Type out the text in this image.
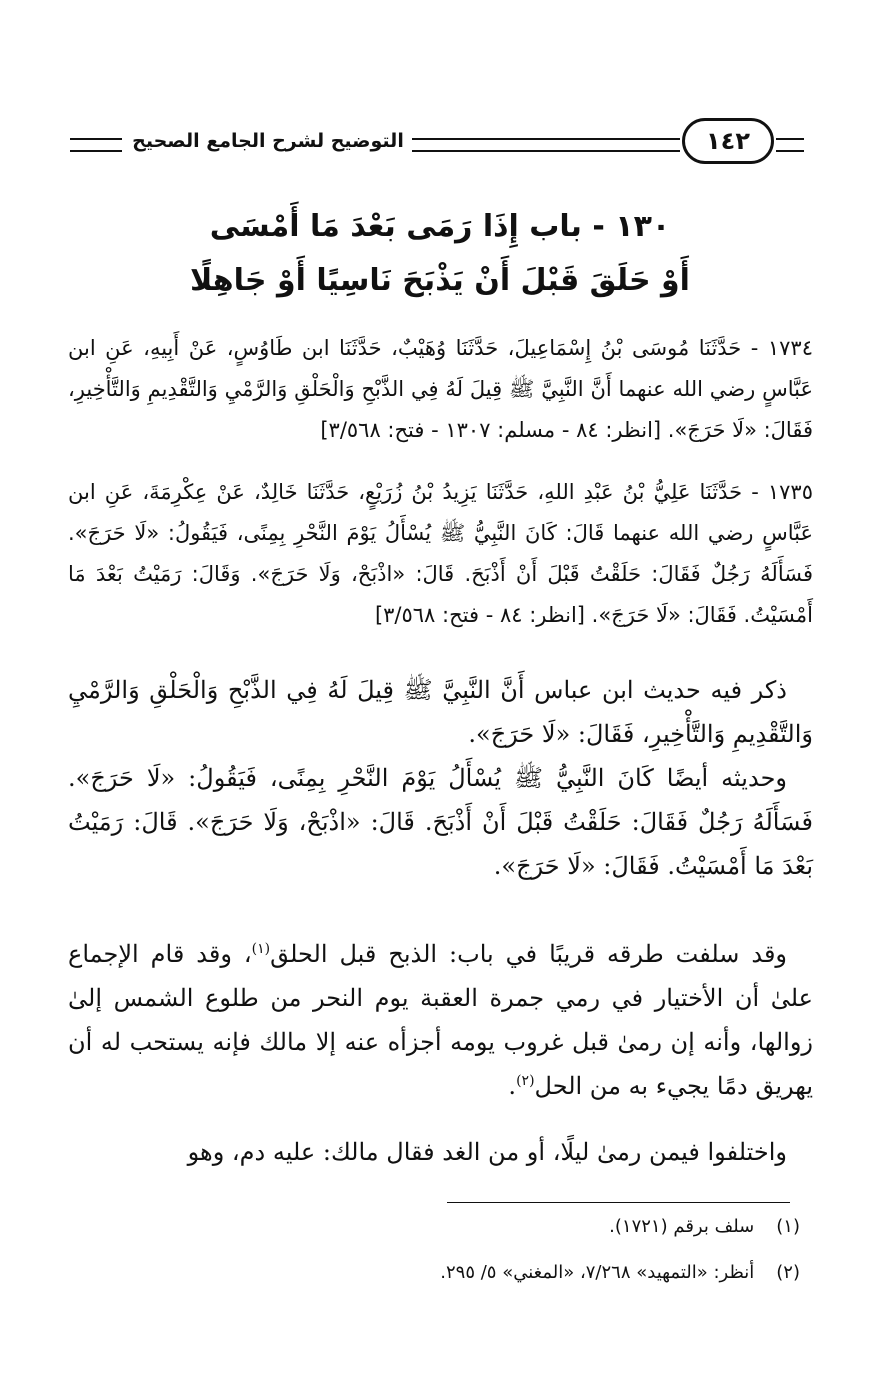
التوضيح لشرح الجامع الصحيح	١٤٢
١٣٠ - باب إِذَا رَمَى بَعْدَ مَا أَمْسَى
أَوْ حَلَقَ قَبْلَ أَنْ يَذْبَحَ نَاسِيًا أَوْ جَاهِلًا
١٧٣٤ - حَدَّثَنَا مُوسَى بْنُ إِسْمَاعِيلَ، حَدَّثَنَا وُهَيْبٌ، حَدَّثَنَا ابن طَاوُسٍ، عَنْ أَبِيهِ، عَنِ ابن عَبَّاسٍ رضي الله عنهما أَنَّ النَّبِيَّ ﷺ قِيلَ لَهُ فِي الذَّبْحِ وَالْحَلْقِ وَالرَّمْيِ وَالتَّقْدِيمِ وَالتَّأْخِيرِ، فَقَالَ: «لَا حَرَجَ». [انظر: ٨٤ - مسلم: ١٣٠٧ - فتح: ٣/٥٦٨]
١٧٣٥ - حَدَّثَنَا عَلِيُّ بْنُ عَبْدِ اللهِ، حَدَّثَنَا يَزِيدُ بْنُ زُرَيْعٍ، حَدَّثَنَا خَالِدٌ، عَنْ عِكْرِمَةَ، عَنِ ابن عَبَّاسٍ رضي الله عنهما قَالَ: كَانَ النَّبِيُّ ﷺ يُسْأَلُ يَوْمَ النَّحْرِ بِمِنًى، فَيَقُولُ: «لَا حَرَجَ». فَسَأَلَهُ رَجُلٌ فَقَالَ: حَلَقْتُ قَبْلَ أَنْ أَذْبَحَ. قَالَ: «اذْبَحْ، وَلَا حَرَجَ». وَقَالَ: رَمَيْتُ بَعْدَ مَا أَمْسَيْتُ. فَقَالَ: «لَا حَرَجَ». [انظر: ٨٤ - فتح: ٣/٥٦٨]
ذكر فيه حديث ابن عباس أَنَّ النَّبِيَّ ﷺ قِيلَ لَهُ فِي الذَّبْحِ وَالْحَلْقِ وَالرَّمْيِ وَالتَّقْدِيمِ وَالتَّأْخِيرِ، فَقَالَ: «لَا حَرَجَ».
وحديثه أيضًا كَانَ النَّبِيُّ ﷺ يُسْأَلُ يَوْمَ النَّحْرِ بِمِنًى، فَيَقُولُ: «لَا حَرَجَ». فَسَأَلَهُ رَجُلٌ فَقَالَ: حَلَقْتُ قَبْلَ أَنْ أَذْبَحَ. قَالَ: «اذْبَحْ، وَلَا حَرَجَ». قَالَ: رَمَيْتُ بَعْدَ مَا أَمْسَيْتُ. فَقَالَ: «لَا حَرَجَ».
وقد سلفت طرقه قريبًا في باب: الذبح قبل الحلق$^{(١)}$، وقد قام الإجماع علىٰ أن الأختيار في رمي جمرة العقبة يوم النحر من طلوع الشمس إلىٰ زوالها، وأنه إن رمىٰ قبل غروب يومه أجزأه عنه إلا مالك فإنه يستحب له أن يهريق دمًا يجيء به من الحل$^{(٢)}$.
واختلفوا فيمن رمىٰ ليلًا، أو من الغد فقال مالك: عليه دم، وهو
(١) سلف برقم (١٧٢١).
(٢) أنظر: «التمهيد» ٧/٢٦٨، «المغني» ٥/ ٢٩٥.
